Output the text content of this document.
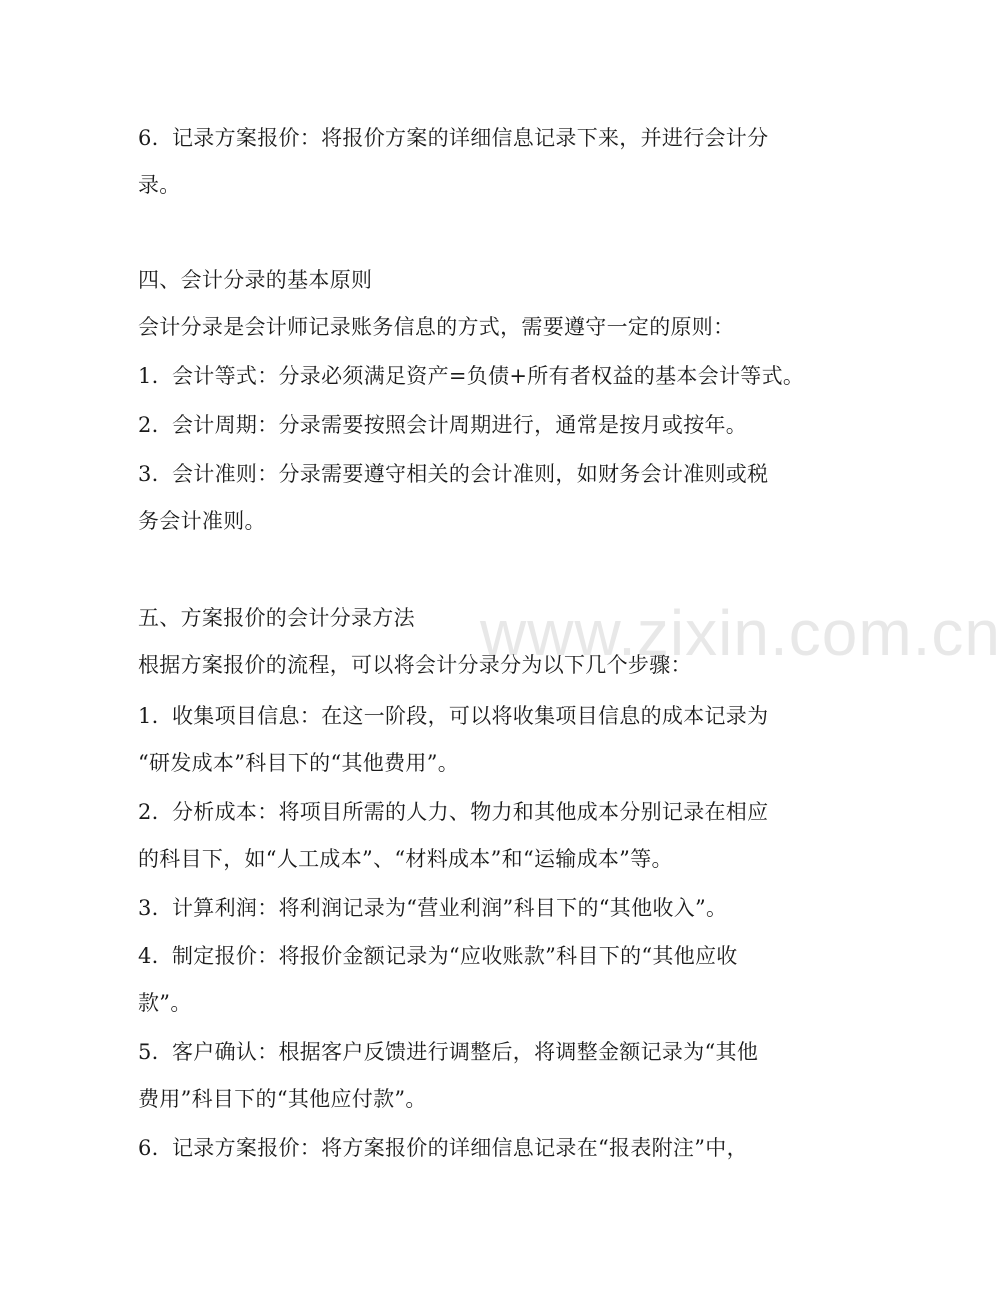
6. 记录方案报价：将报价方案的详细信息记录下来，并进行会计分
录。
四、会计分录的基本原则
会计分录是会计师记录账务信息的方式，需要遵守一定的原则：
1. 会计等式：分录必须满足资产=负债+所有者权益的基本会计等式。
2. 会计周期：分录需要按照会计周期进行，通常是按月或按年。
3. 会计准则：分录需要遵守相关的会计准则，如财务会计准则或税
务会计准则。
五、方案报价的会计分录方法
根据方案报价的流程，可以将会计分录分为以下几个步骤：
1. 收集项目信息：在这一阶段，可以将收集项目信息的成本记录为
“研发成本”科目下的“其他费用”。
2. 分析成本：将项目所需的人力、物力和其他成本分别记录在相应
的科目下，如“人工成本”、“材料成本”和“运输成本”等。
3. 计算利润：将利润记录为“营业利润”科目下的“其他收入”。
4. 制定报价：将报价金额记录为“应收账款”科目下的“其他应收
款”。
5. 客户确认：根据客户反馈进行调整后，将调整金额记录为“其他
费用”科目下的“其他应付款”。
6. 记录方案报价：将方案报价的详细信息记录在“报表附注”中，
www.zixin.com.cn
